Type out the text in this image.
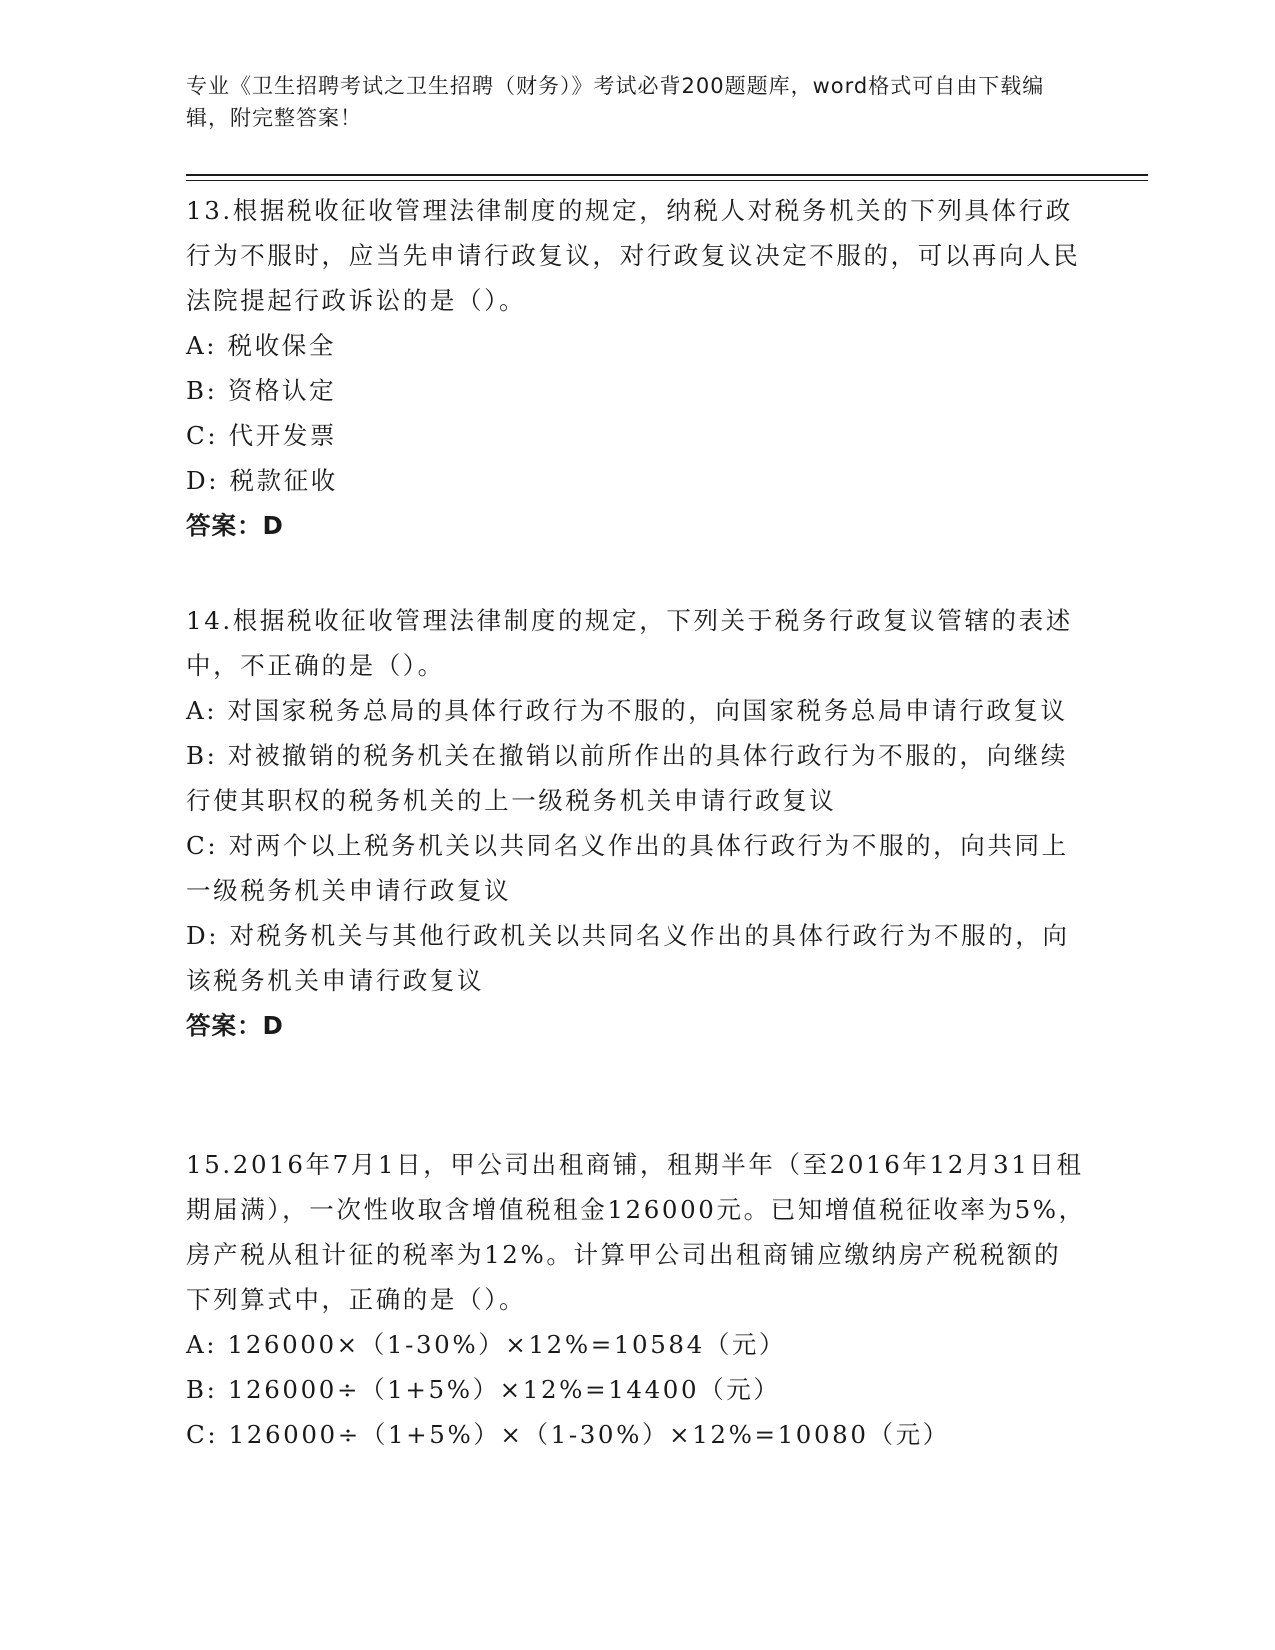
专业《卫生招聘考试之卫生招聘（财务）》考试必背200题题库，word格式可自由下载编辑，附完整答案！
13.根据税收征收管理法律制度的规定，纳税人对税务机关的下列具体行政行为不服时，应当先申请行政复议，对行政复议决定不服的，可以再向人民法院提起行政诉讼的是（）。
A: 税收保全
B: 资格认定
C: 代开发票
D: 税款征收
答案：D
14.根据税收征收管理法律制度的规定，下列关于税务行政复议管辖的表述中，不正确的是（）。
A: 对国家税务总局的具体行政行为不服的，向国家税务总局申请行政复议
B: 对被撤销的税务机关在撤销以前所作出的具体行政行为不服的，向继续行使其职权的税务机关的上一级税务机关申请行政复议
C: 对两个以上税务机关以共同名义作出的具体行政行为不服的，向共同上一级税务机关申请行政复议
D: 对税务机关与其他行政机关以共同名义作出的具体行政行为不服的，向该税务机关申请行政复议
答案：D
15.2016年7月1日，甲公司出租商铺，租期半年（至2016年12月31日租期届满），一次性收取含增值税租金126000元。已知增值税征收率为5%，房产税从租计征的税率为12%。计算甲公司出租商铺应缴纳房产税税额的下列算式中，正确的是（）。
A: 126000×（1-30%）×12%=10584（元）
B: 126000÷（1+5%）×12%=14400（元）
C: 126000÷（1+5%）×（1-30%）×12%=10080（元）
